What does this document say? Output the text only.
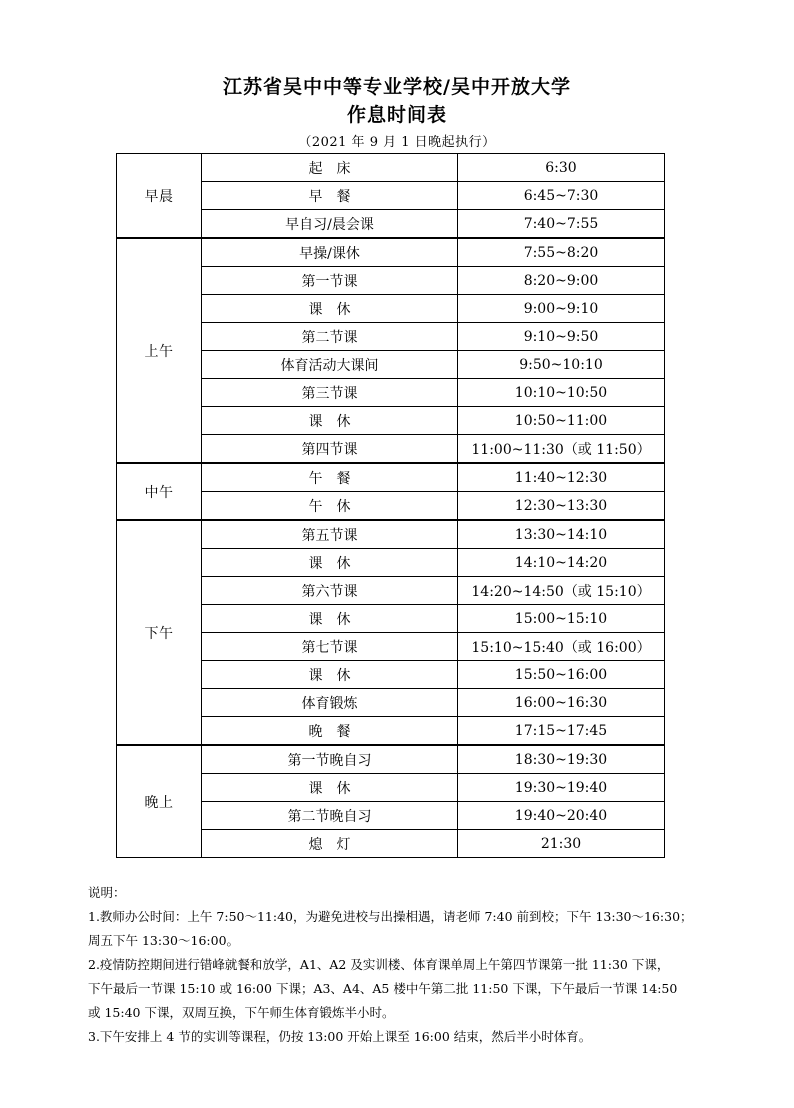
江苏省吴中中等专业学校/吴中开放大学
作息时间表
（2021 年 9 月 1 日晚起执行）
早晨	起　床	6:30
	早　餐	6:45~7:30
	早自习/晨会课	7:40~7:55
上午	早操/课休	7:55~8:20
	第一节课	8:20~9:00
	课　休	9:00~9:10
	第二节课	9:10~9:50
	体育活动大课间	9:50~10:10
	第三节课	10:10~10:50
	课　休	10:50~11:00
	第四节课	11:00~11:30（或 11:50）
中午	午　餐	11:40~12:30
	午　休	12:30~13:30
下午	第五节课	13:30~14:10
	课　休	14:10~14:20
	第六节课	14:20~14:50（或 15:10）
	课　休	15:00~15:10
	第七节课	15:10~15:40（或 16:00）
	课　休	15:50~16:00
	体育锻炼	16:00~16:30
	晚　餐	17:15~17:45
晚上	第一节晚自习	18:30~19:30
	课　休	19:30~19:40
	第二节晚自习	19:40~20:40
	熄　灯	21:30

说明：

1.教师办公时间：上午 7:50～11:40，为避免进校与出操相遇，请老师 7:40 前到校；下午 13:30～16:30；

周五下午 13:30～16:00。

2.疫情防控期间进行错峰就餐和放学，A1、A2 及实训楼、体育课单周上午第四节课第一批 11:30 下课，

下午最后一节课 15:10 或 16:00 下课；A3、A4、A5 楼中午第二批 11:50 下课，下午最后一节课 14:50

或 15:40 下课，双周互换，下午师生体育锻炼半小时。

3.下午安排上 4 节的实训等课程，仍按 13:00 开始上课至 16:00 结束，然后半小时体育。
